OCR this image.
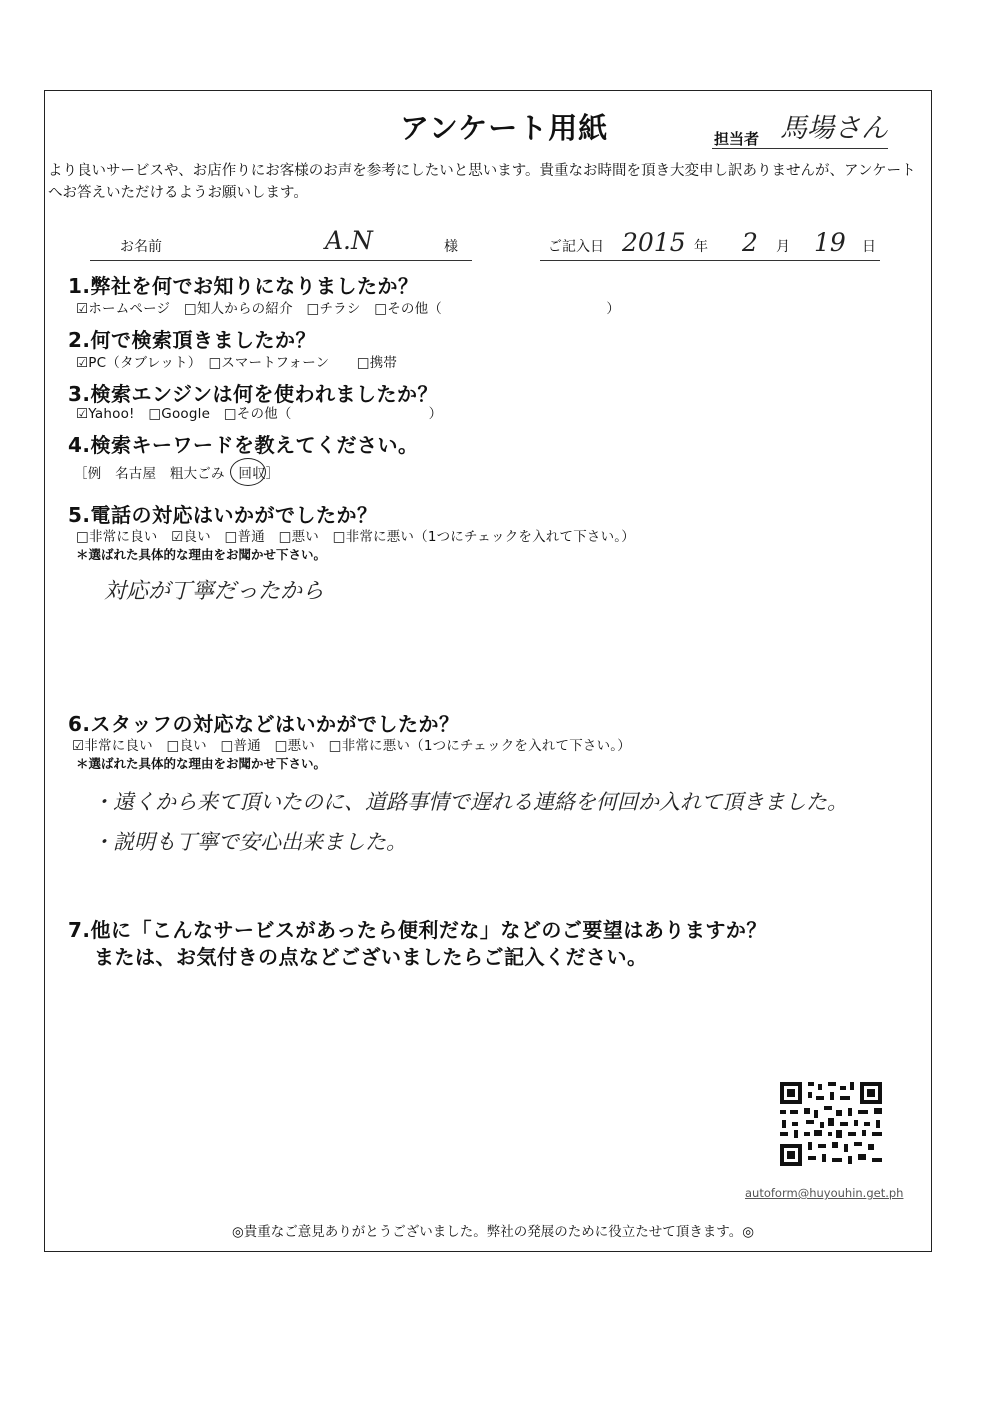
アンケート用紙	担当者 馬場さん
より良いサービスや、お店作りにお客様のお声を参考にしたいと思います。貴重なお時間を頂き大変申し訳ありませんが、アンケートへお答えいただけるようお願いします。
お名前	A.N	様	ご記入日 2015 年 2 月 19 日
1.弊社を何でお知りになりましたか？
☑ホームページ　□知人からの紹介　□チラシ　□その他（　　　　　　　　　　　　）
2.何で検索頂きましたか？
☑PC（タブレット）　□スマートフォーン　　□携帯
3.検索エンジンは何を使われましたか？
☑Yahoo!　□Google　□その他（　　　　　　　　　　）
4.検索キーワードを教えてください。
［例　名古屋　粗大ごみ　回収］
5.電話の対応はいかがでしたか？
□非常に良い　☑良い　□普通　□悪い　□非常に悪い（1つにチェックを入れて下さい。）
＊選ばれた具体的な理由をお聞かせ下さい。
対応が丁寧だったから
6.スタッフの対応などはいかがでしたか？
☑非常に良い　□良い　□普通　□悪い　□非常に悪い（1つにチェックを入れて下さい。）
＊選ばれた具体的な理由をお聞かせ下さい。
・遠くから来て頂いたのに、道路事情で遅れる連絡を何回か入れて頂きました。
・説明も丁寧で安心出来ました。
7.他に「こんなサービスがあったら便利だな」などのご要望はありますか？
または、お気付きの点などございましたらご記入ください。
autoform@huyouhin.get.ph
◎貴重なご意見ありがとうございました。弊社の発展のために役立たせて頂きます。◎
